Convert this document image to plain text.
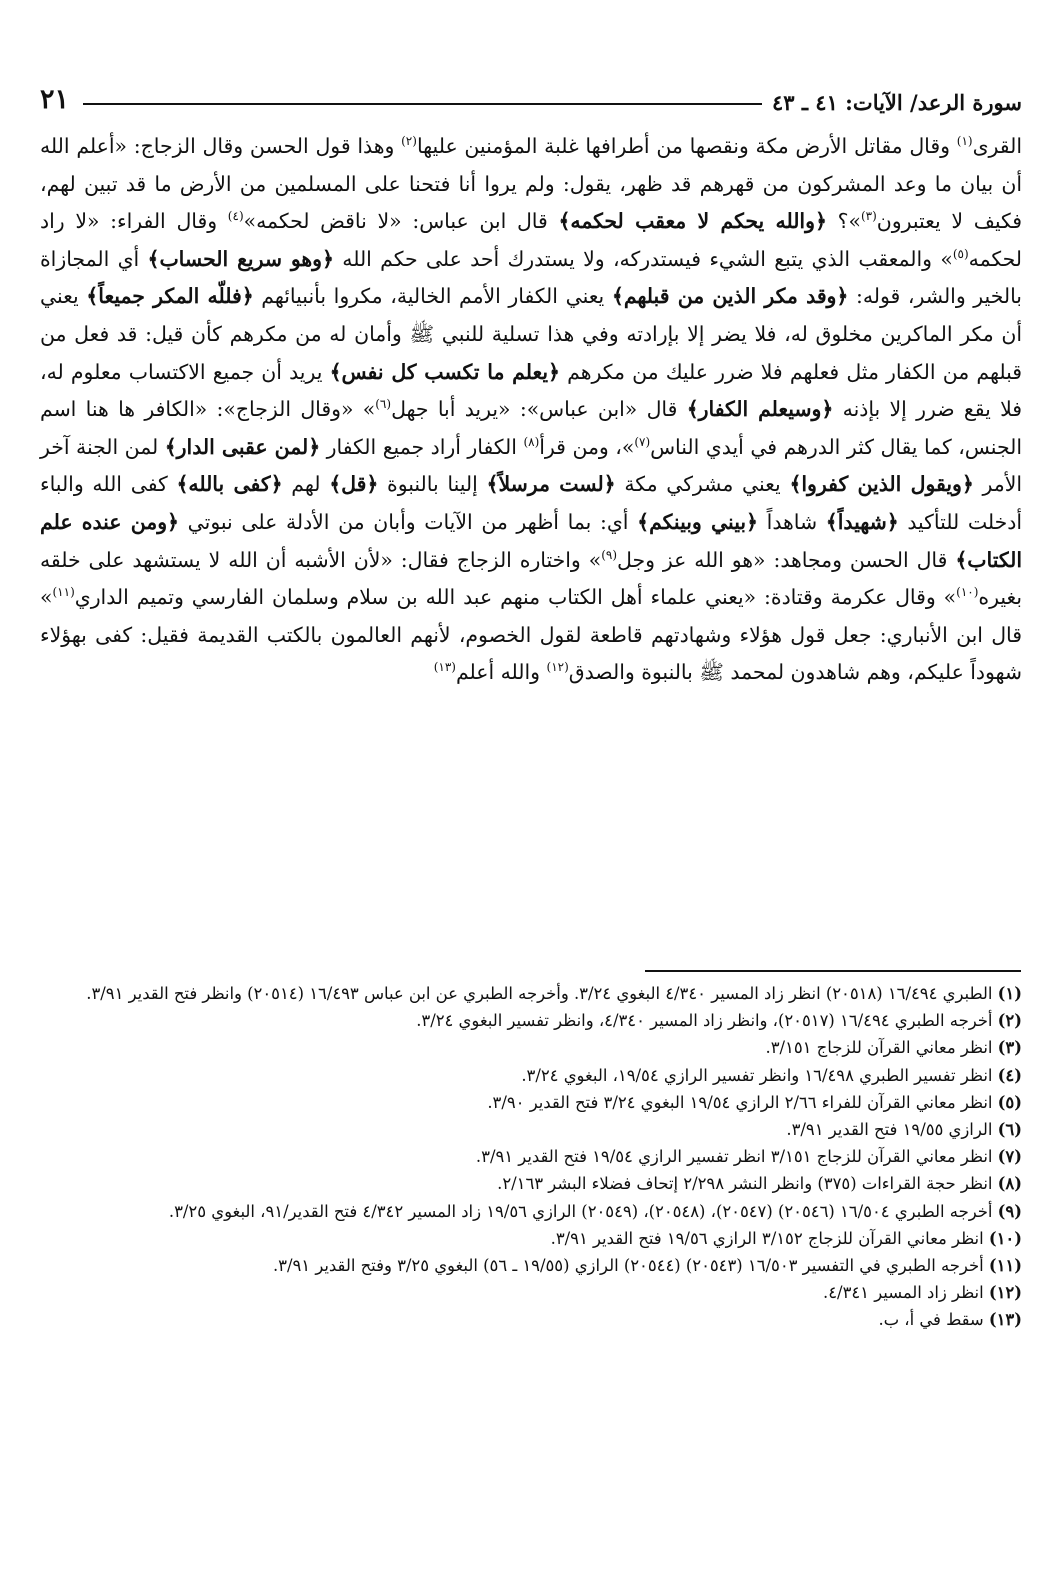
سورة الرعد/ الآيات: ٤١ ـ ٤٣
٢١

القرى$^{(١)}$ وقال مقاتل الأرض مكة ونقصها من أطرافها غلبة المؤمنين عليها$^{(٢)}$ وهذا قول الحسن وقال الزجاج: «أعلم الله أن بيان ما وعد المشركون من قهرهم قد ظهر، يقول: ولم يروا أنا فتحنا على المسلمين من الأرض ما قد تبين لهم، فكيف لا يعتبرون$^{(٣)}$»؟ ﴿والله يحكم لا معقب لحكمه﴾ قال ابن عباس: «لا ناقض لحكمه»$^{(٤)}$ وقال الفراء: «لا راد لحكمه$^{(٥)}$» والمعقب الذي يتبع الشيء فيستدركه، ولا يستدرك أحد على حكم الله ﴿وهو سريع الحساب﴾ أي المجازاة بالخير والشر، قوله: ﴿وقد مكر الذين من قبلهم﴾ يعني الكفار الأمم الخالية، مكروا بأنبيائهم ﴿فللّه المكر جميعاً﴾ يعني أن مكر الماكرين مخلوق له، فلا يضر إلا بإرادته وفي هذا تسلية للنبي ﷺ وأمان له من مكرهم كأن قيل: قد فعل من قبلهم من الكفار مثل فعلهم فلا ضرر عليك من مكرهم ﴿يعلم ما تكسب كل نفس﴾ يريد أن جميع الاكتساب معلوم له، فلا يقع ضرر إلا بإذنه ﴿وسيعلم الكفار﴾ قال «ابن عباس»: «يريد أبا جهل$^{(٦)}$» «وقال الزجاج»: «الكافر ها هنا اسم الجنس، كما يقال كثر الدرهم في أيدي الناس$^{(٧)}$»، ومن قرأ$^{(٨)}$ الكفار أراد جميع الكفار ﴿لمن عقبى الدار﴾ لمن الجنة آخر الأمر ﴿ويقول الذين كفروا﴾ يعني مشركي مكة ﴿لست مرسلاً﴾ إلينا بالنبوة ﴿قل﴾ لهم ﴿كفى بالله﴾ كفى الله والباء أدخلت للتأكيد ﴿شهيداً﴾ شاهداً ﴿بيني وبينكم﴾ أي: بما أظهر من الآيات وأبان من الأدلة على نبوتي ﴿ومن عنده علم الكتاب﴾ قال الحسن ومجاهد: «هو الله عز وجل$^{(٩)}$» واختاره الزجاج فقال: «لأن الأشبه أن الله لا يستشهد على خلقه بغيره$^{(١٠)}$» وقال عكرمة وقتادة: «يعني علماء أهل الكتاب منهم عبد الله بن سلام وسلمان الفارسي وتميم الداري$^{(١١)}$» قال ابن الأنباري: جعل قول هؤلاء وشهادتهم قاطعة لقول الخصوم، لأنهم العالمون بالكتب القديمة فقيل: كفى بهؤلاء شهوداً عليكم، وهم شاهدون لمحمد ﷺ بالنبوة والصدق$^{(١٢)}$ والله أعلم$^{(١٣)}$

(١) الطبري ١٦/٤٩٤ (٢٠٥١٨) انظر زاد المسير ٤/٣٤٠ البغوي ٣/٢٤. وأخرجه الطبري عن ابن عباس ١٦/٤٩٣ (٢٠٥١٤) وانظر فتح القدير ٣/٩١.

(٢) أخرجه الطبري ١٦/٤٩٤ (٢٠٥١٧)، وانظر زاد المسير ٤/٣٤٠، وانظر تفسير البغوي ٣/٢٤.

(٣) انظر معاني القرآن للزجاج ٣/١٥١.

(٤) انظر تفسير الطبري ١٦/٤٩٨ وانظر تفسير الرازي ١٩/٥٤، البغوي ٣/٢٤.

(٥) انظر معاني القرآن للفراء ٢/٦٦ الرازي ١٩/٥٤ البغوي ٣/٢٤ فتح القدير ٣/٩٠.

(٦) الرازي ١٩/٥٥ فتح القدير ٣/٩١.

(٧) انظر معاني القرآن للزجاج ٣/١٥١ انظر تفسير الرازي ١٩/٥٤ فتح القدير ٣/٩١.

(٨) انظر حجة القراءات (٣٧٥) وانظر النشر ٢/٢٩٨ إتحاف فضلاء البشر ٢/١٦٣.

(٩) أخرجه الطبري ١٦/٥٠٤ (٢٠٥٤٦) (٢٠٥٤٧)، (٢٠٥٤٨)، (٢٠٥٤٩) الرازي ١٩/٥٦ زاد المسير ٤/٣٤٢ فتح القدير/٩١، البغوي ٣/٢٥.

(١٠) انظر معاني القرآن للزجاج ٣/١٥٢ الرازي ١٩/٥٦ فتح القدير ٣/٩١.

(١١) أخرجه الطبري في التفسير ١٦/٥٠٣ (٢٠٥٤٣) (٢٠٥٤٤) الرازي (١٩/٥٥ ـ ٥٦) البغوي ٣/٢٥ وفتح القدير ٣/٩١.

(١٢) انظر زاد المسير ٤/٣٤١.

(١٣) سقط في أ، ب.
